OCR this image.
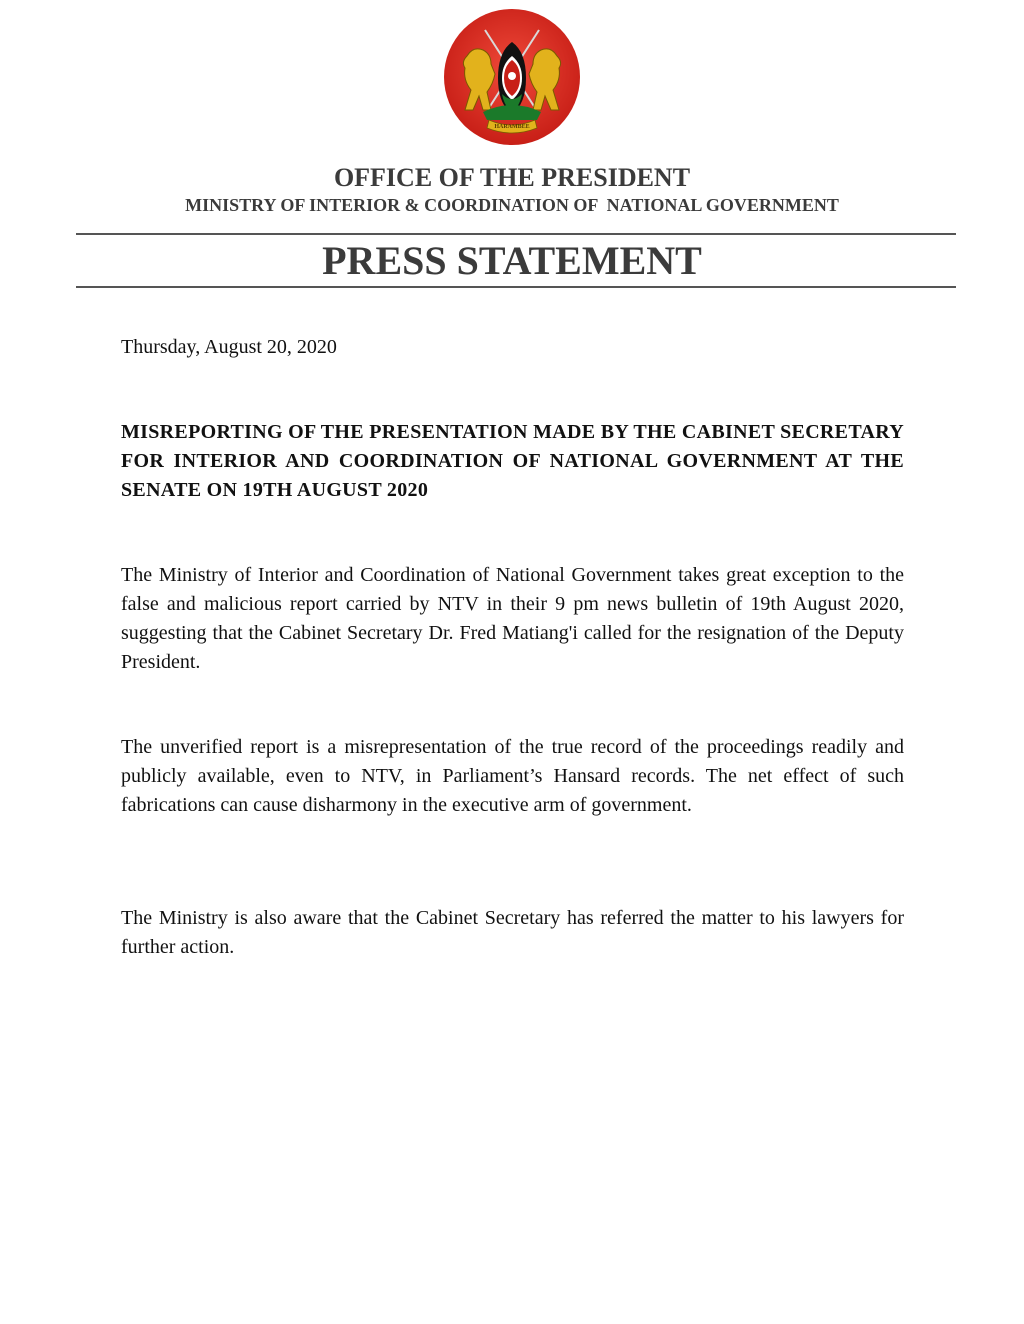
HARAMBEE
OFFICE OF THE PRESIDENT
MINISTRY OF INTERIOR & COORDINATION OF  NATIONAL GOVERNMENT
PRESS STATEMENT
Thursday, August 20, 2020
MISREPORTING OF THE PRESENTATION MADE BY THE CABINET SECRETARY FOR INTERIOR AND COORDINATION OF NATIONAL GOVERNMENT AT THE SENATE ON 19TH AUGUST 2020
The Ministry of Interior and Coordination of National Government takes great exception to the false and malicious report carried by NTV in their 9 pm news bulletin of 19th August 2020, suggesting that the Cabinet Secretary Dr. Fred Matiang'i called for the resignation of the Deputy President.
The unverified report is a misrepresentation of the true record of the proceedings readily and publicly available, even to NTV, in Parliament’s Hansard records. The net effect of such fabrications can cause disharmony in the executive arm of government.
The Ministry is also aware that the Cabinet Secretary has referred the matter to his lawyers for further action.
